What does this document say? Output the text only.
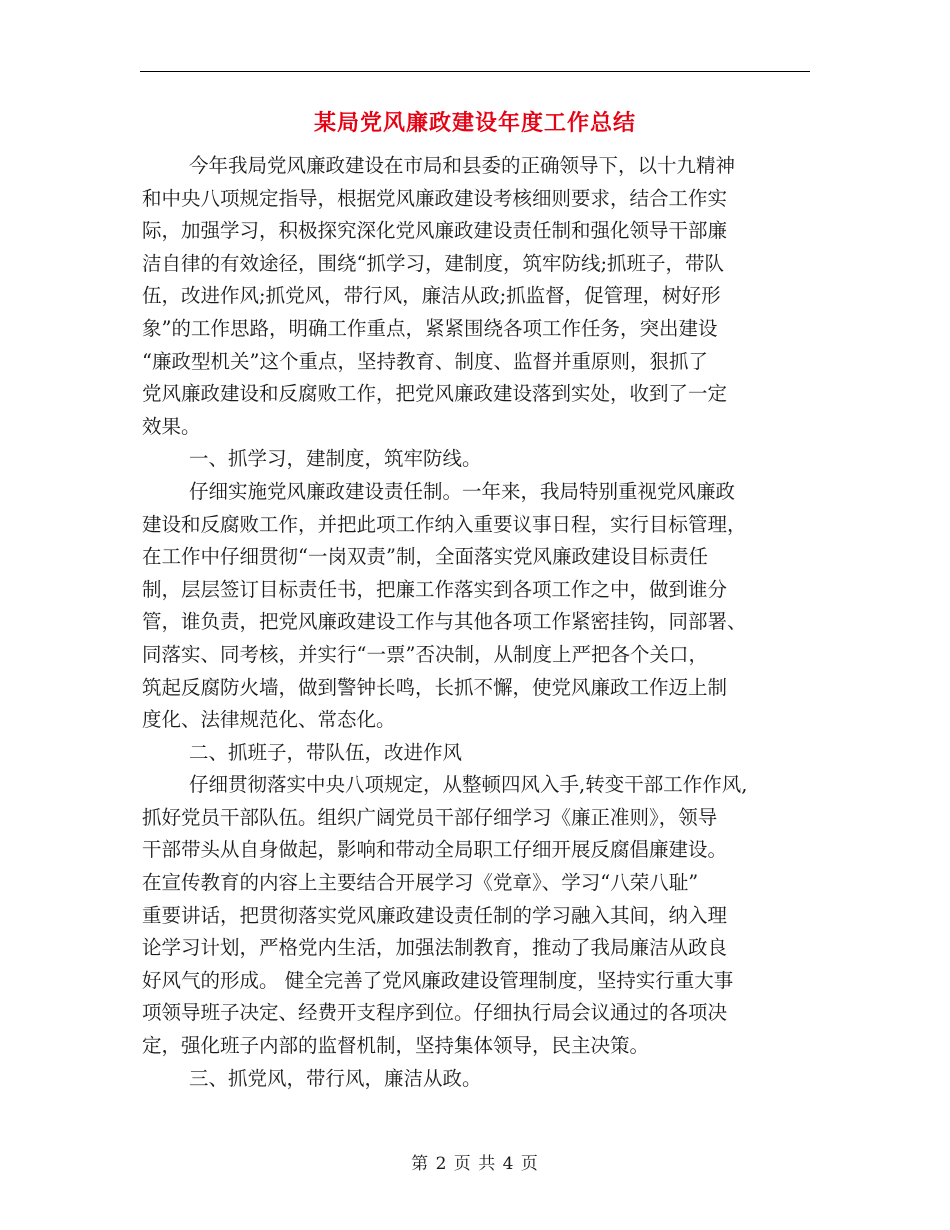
某局党风廉政建设年度工作总结
今年我局党风廉政建设在市局和县委的正确领导下，以十九精神
和中央八项规定指导，根据党风廉政建设考核细则要求，结合工作实
际，加强学习，积极探究深化党风廉政建设责任制和强化领导干部廉
洁自律的有效途径，围绕“抓学习，建制度，筑牢防线;抓班子，带队
伍，改进作风;抓党风，带行风，廉洁从政;抓监督，促管理，树好形
象”的工作思路，明确工作重点，紧紧围绕各项工作任务，突出建设
“廉政型机关”这个重点，坚持教育、制度、监督并重原则，狠抓了
党风廉政建设和反腐败工作，把党风廉政建设落到实处，收到了一定
效果。
一、抓学习，建制度，筑牢防线。
仔细实施党风廉政建设责任制。一年来，我局特别重视党风廉政
建设和反腐败工作，并把此项工作纳入重要议事日程，实行目标管理，
在工作中仔细贯彻“一岗双责”制，全面落实党风廉政建设目标责任
制，层层签订目标责任书，把廉工作落实到各项工作之中，做到谁分
管，谁负责，把党风廉政建设工作与其他各项工作紧密挂钩，同部署、
同落实、同考核，并实行“一票”否决制，从制度上严把各个关口，
筑起反腐防火墙，做到警钟长鸣，长抓不懈，使党风廉政工作迈上制
度化、法律规范化、常态化。
二、抓班子，带队伍，改进作风
仔细贯彻落实中央八项规定，从整顿四风入手,转变干部工作作风,
抓好党员干部队伍。组织广阔党员干部仔细学习《廉正准则》，领导
干部带头从自身做起，影响和带动全局职工仔细开展反腐倡廉建设。
在宣传教育的内容上主要结合开展学习《党章》、学习“八荣八耻”
重要讲话，把贯彻落实党风廉政建设责任制的学习融入其间，纳入理
论学习计划，严格党内生活，加强法制教育，推动了我局廉洁从政良
好风气的形成。 健全完善了党风廉政建设管理制度，坚持实行重大事
项领导班子决定、经费开支程序到位。仔细执行局会议通过的各项决
定，强化班子内部的监督机制，坚持集体领导，民主决策。
三、抓党风，带行风，廉洁从政。
第 2 页 共 4 页
